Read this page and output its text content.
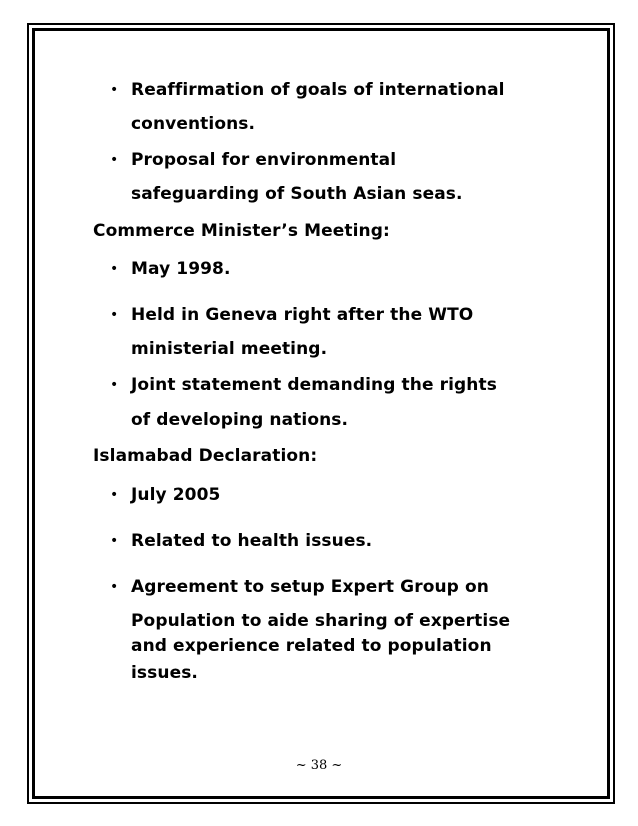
• Reaffirmation of goals of international
conventions.
• Proposal for environmental
safeguarding of South Asian seas.
Commerce Minister’s Meeting:
• May 1998.
• Held in Geneva right after the WTO
ministerial meeting.
• Joint statement demanding the rights
of developing nations.
Islamabad Declaration:
• July 2005
• Related to health issues.
• Agreement to setup Expert Group on
Population to aide sharing of expertise
and experience related to population
issues.
~ 38 ~
